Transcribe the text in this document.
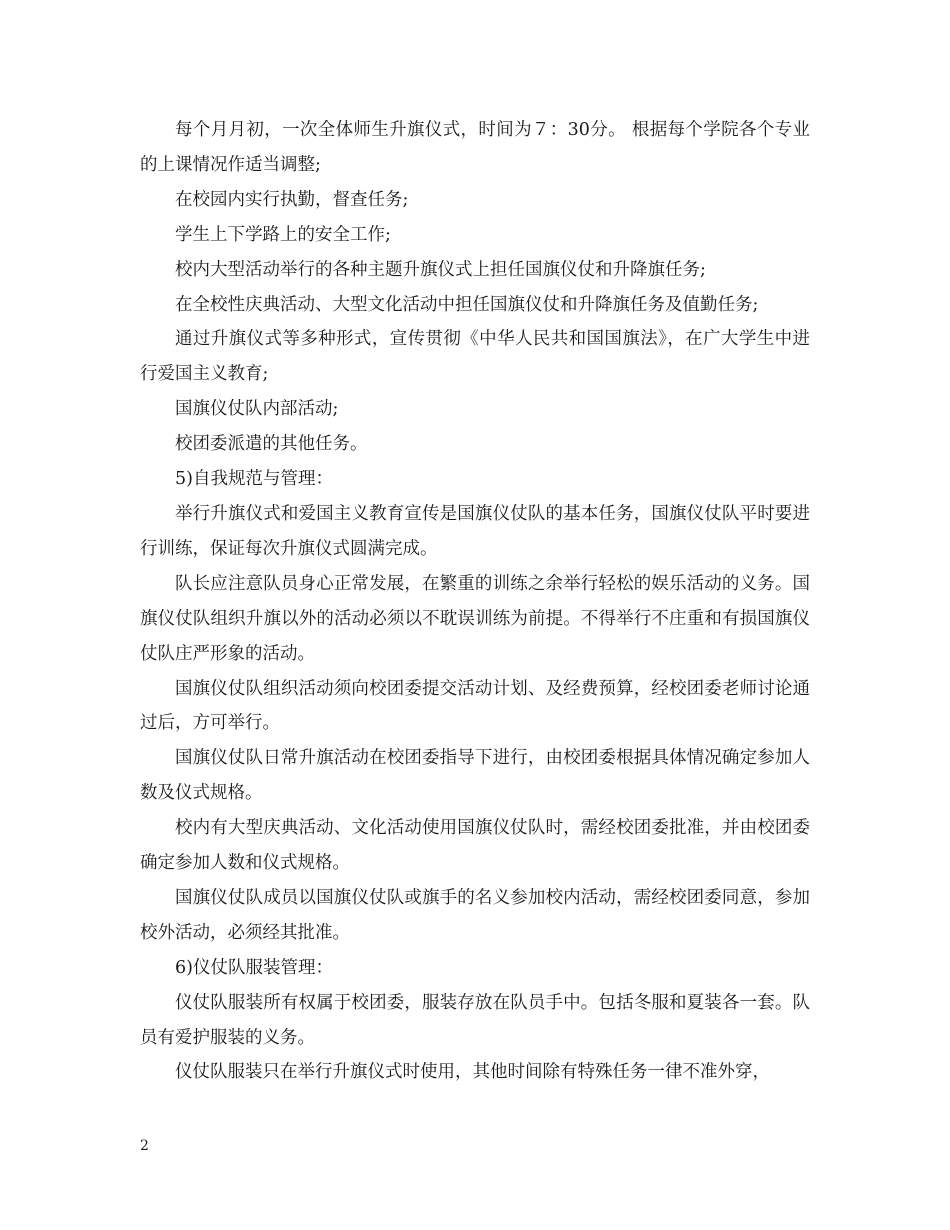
每个月月初，一次全体师生升旗仪式，时间为７：30分。 根据每个学院各个专业的上课情况作适当调整;

在校园内实行执勤，督查任务;

学生上下学路上的安全工作;

校内大型活动举行的各种主题升旗仪式上担任国旗仪仗和升降旗任务;

在全校性庆典活动、大型文化活动中担任国旗仪仗和升降旗任务及值勤任务;

通过升旗仪式等多种形式，宣传贯彻《中华人民共和国国旗法》，在广大学生中进行爱国主义教育;

国旗仪仗队内部活动;

校团委派遣的其他任务。

5)自我规范与管理：

举行升旗仪式和爱国主义教育宣传是国旗仪仗队的基本任务，国旗仪仗队平时要进行训练，保证每次升旗仪式圆满完成。

队长应注意队员身心正常发展，在繁重的训练之余举行轻松的娱乐活动的义务。国旗仪仗队组织升旗以外的活动必须以不耽误训练为前提。不得举行不庄重和有损国旗仪仗队庄严形象的活动。

国旗仪仗队组织活动须向校团委提交活动计划、及经费预算，经校团委老师讨论通过后，方可举行。

国旗仪仗队日常升旗活动在校团委指导下进行，由校团委根据具体情况确定参加人数及仪式规格。

校内有大型庆典活动、文化活动使用国旗仪仗队时，需经校团委批准，并由校团委确定参加人数和仪式规格。

国旗仪仗队成员以国旗仪仗队或旗手的名义参加校内活动，需经校团委同意，参加校外活动，必须经其批准。

6)仪仗队服装管理：

仪仗队服装所有权属于校团委，服装存放在队员手中。包括冬服和夏装各一套。队员有爱护服装的义务。

仪仗队服装只在举行升旗仪式时使用，其他时间除有特殊任务一律不准外穿，

2
